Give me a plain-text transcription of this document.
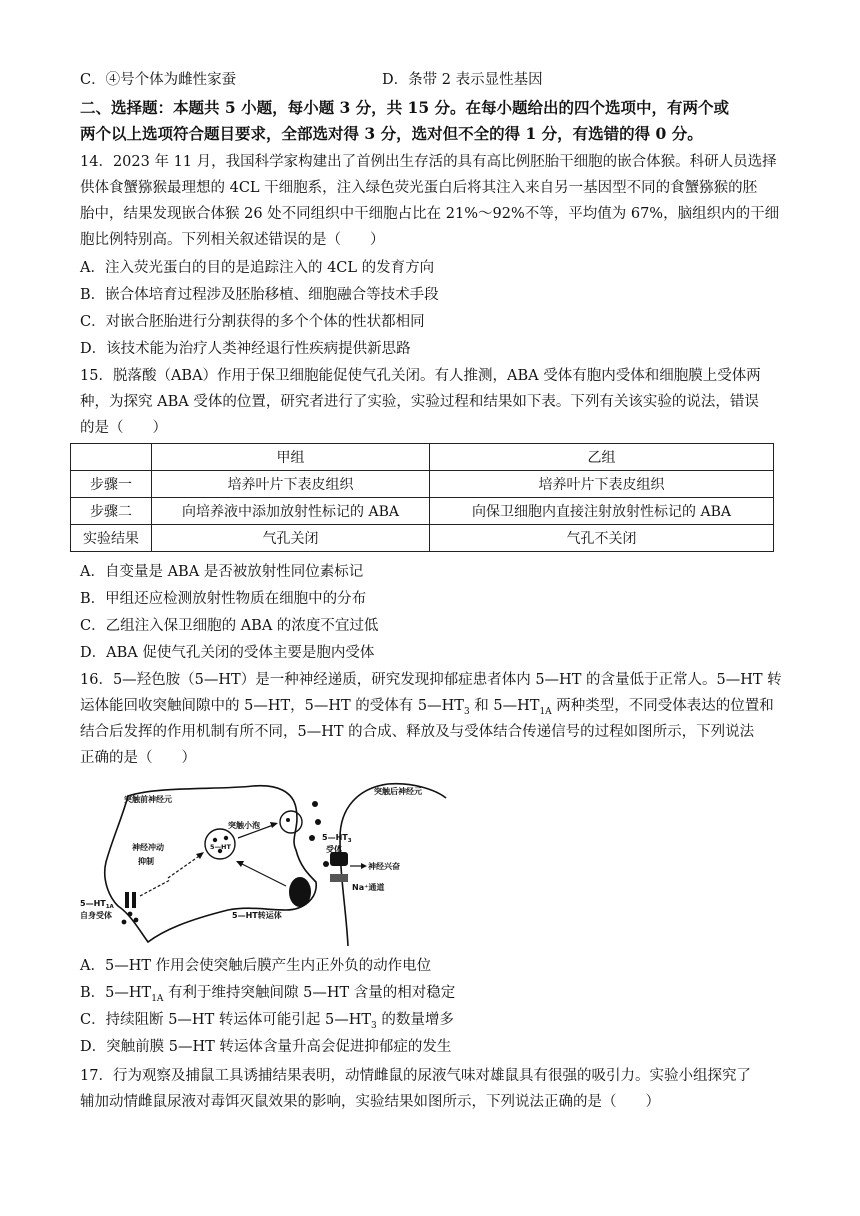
C．④号个体为雌性家蚕	D．条带 2 表示显性基因
二、选择题：本题共 5 小题，每小题 3 分，共 15 分。在每小题给出的四个选项中，有两个或
两个以上选项符合题目要求，全部选对得 3 分，选对但不全的得 1 分，有选错的得 0 分。
14．2023 年 11 月，我国科学家构建出了首例出生存活的具有高比例胚胎干细胞的嵌合体猴。科研人员选择
供体食蟹猕猴最理想的 4CL 干细胞系，注入绿色荧光蛋白后将其注入来自另一基因型不同的食蟹猕猴的胚
胎中，结果发现嵌合体猴 26 处不同组织中干细胞占比在 21%～92%不等，平均值为 67%，脑组织内的干细
胞比例特别高。下列相关叙述错误的是（　　）
A．注入荧光蛋白的目的是追踪注入的 4CL 的发育方向
B．嵌合体培育过程涉及胚胎移植、细胞融合等技术手段
C．对嵌合胚胎进行分割获得的多个个体的性状都相同
D．该技术能为治疗人类神经退行性疾病提供新思路
15．脱落酸（ABA）作用于保卫细胞能促使气孔关闭。有人推测，ABA 受体有胞内受体和细胞膜上受体两
种，为探究 ABA 受体的位置，研究者进行了实验，实验过程和结果如下表。下列有关该实验的说法，错误
的是（　　）
	甲组	乙组
步骤一	培养叶片下表皮组织	培养叶片下表皮组织
步骤二	向培养液中添加放射性标记的 ABA	向保卫细胞内直接注射放射性标记的 ABA
实验结果	气孔关闭	气孔不关闭
A．自变量是 ABA 是否被放射性同位素标记
B．甲组还应检测放射性物质在细胞中的分布
C．乙组注入保卫细胞的 ABA 的浓度不宜过低
D．ABA 促使气孔关闭的受体主要是胞内受体
16．5—羟色胺（5—HT）是一种神经递质，研究发现抑郁症患者体内 5—HT 的含量低于正常人。5—HT 转
运体能回收突触间隙中的 5—HT，5—HT 的受体有 $5—HT_3$ 和 $5—HT_{1A}$ 两种类型，不同受体表达的位置和
结合后发挥的作用机制有所不同，5—HT 的合成、释放及与受体结合传递信号的过程如图所示，下列说法
正确的是（　　）
突触前神经元
突触后神经元
突触小泡
5—HT
神经冲动
抑制
$5—HT_{1A}$
自身受体	5—HT转运体
$5—HT_3$
受体
神经兴奋
Na⁺通道
A．5—HT 作用会使突触后膜产生内正外负的动作电位
B．$5—HT_{1A}$ 有利于维持突触间隙 5—HT 含量的相对稳定
C．持续阻断 5—HT 转运体可能引起 $5—HT_3$ 的数量增多
D．突触前膜 5—HT 转运体含量升高会促进抑郁症的发生
17．行为观察及捕鼠工具诱捕结果表明，动情雌鼠的尿液气味对雄鼠具有很强的吸引力。实验小组探究了
辅加动情雌鼠尿液对毒饵灭鼠效果的影响，实验结果如图所示，下列说法正确的是（　　）
